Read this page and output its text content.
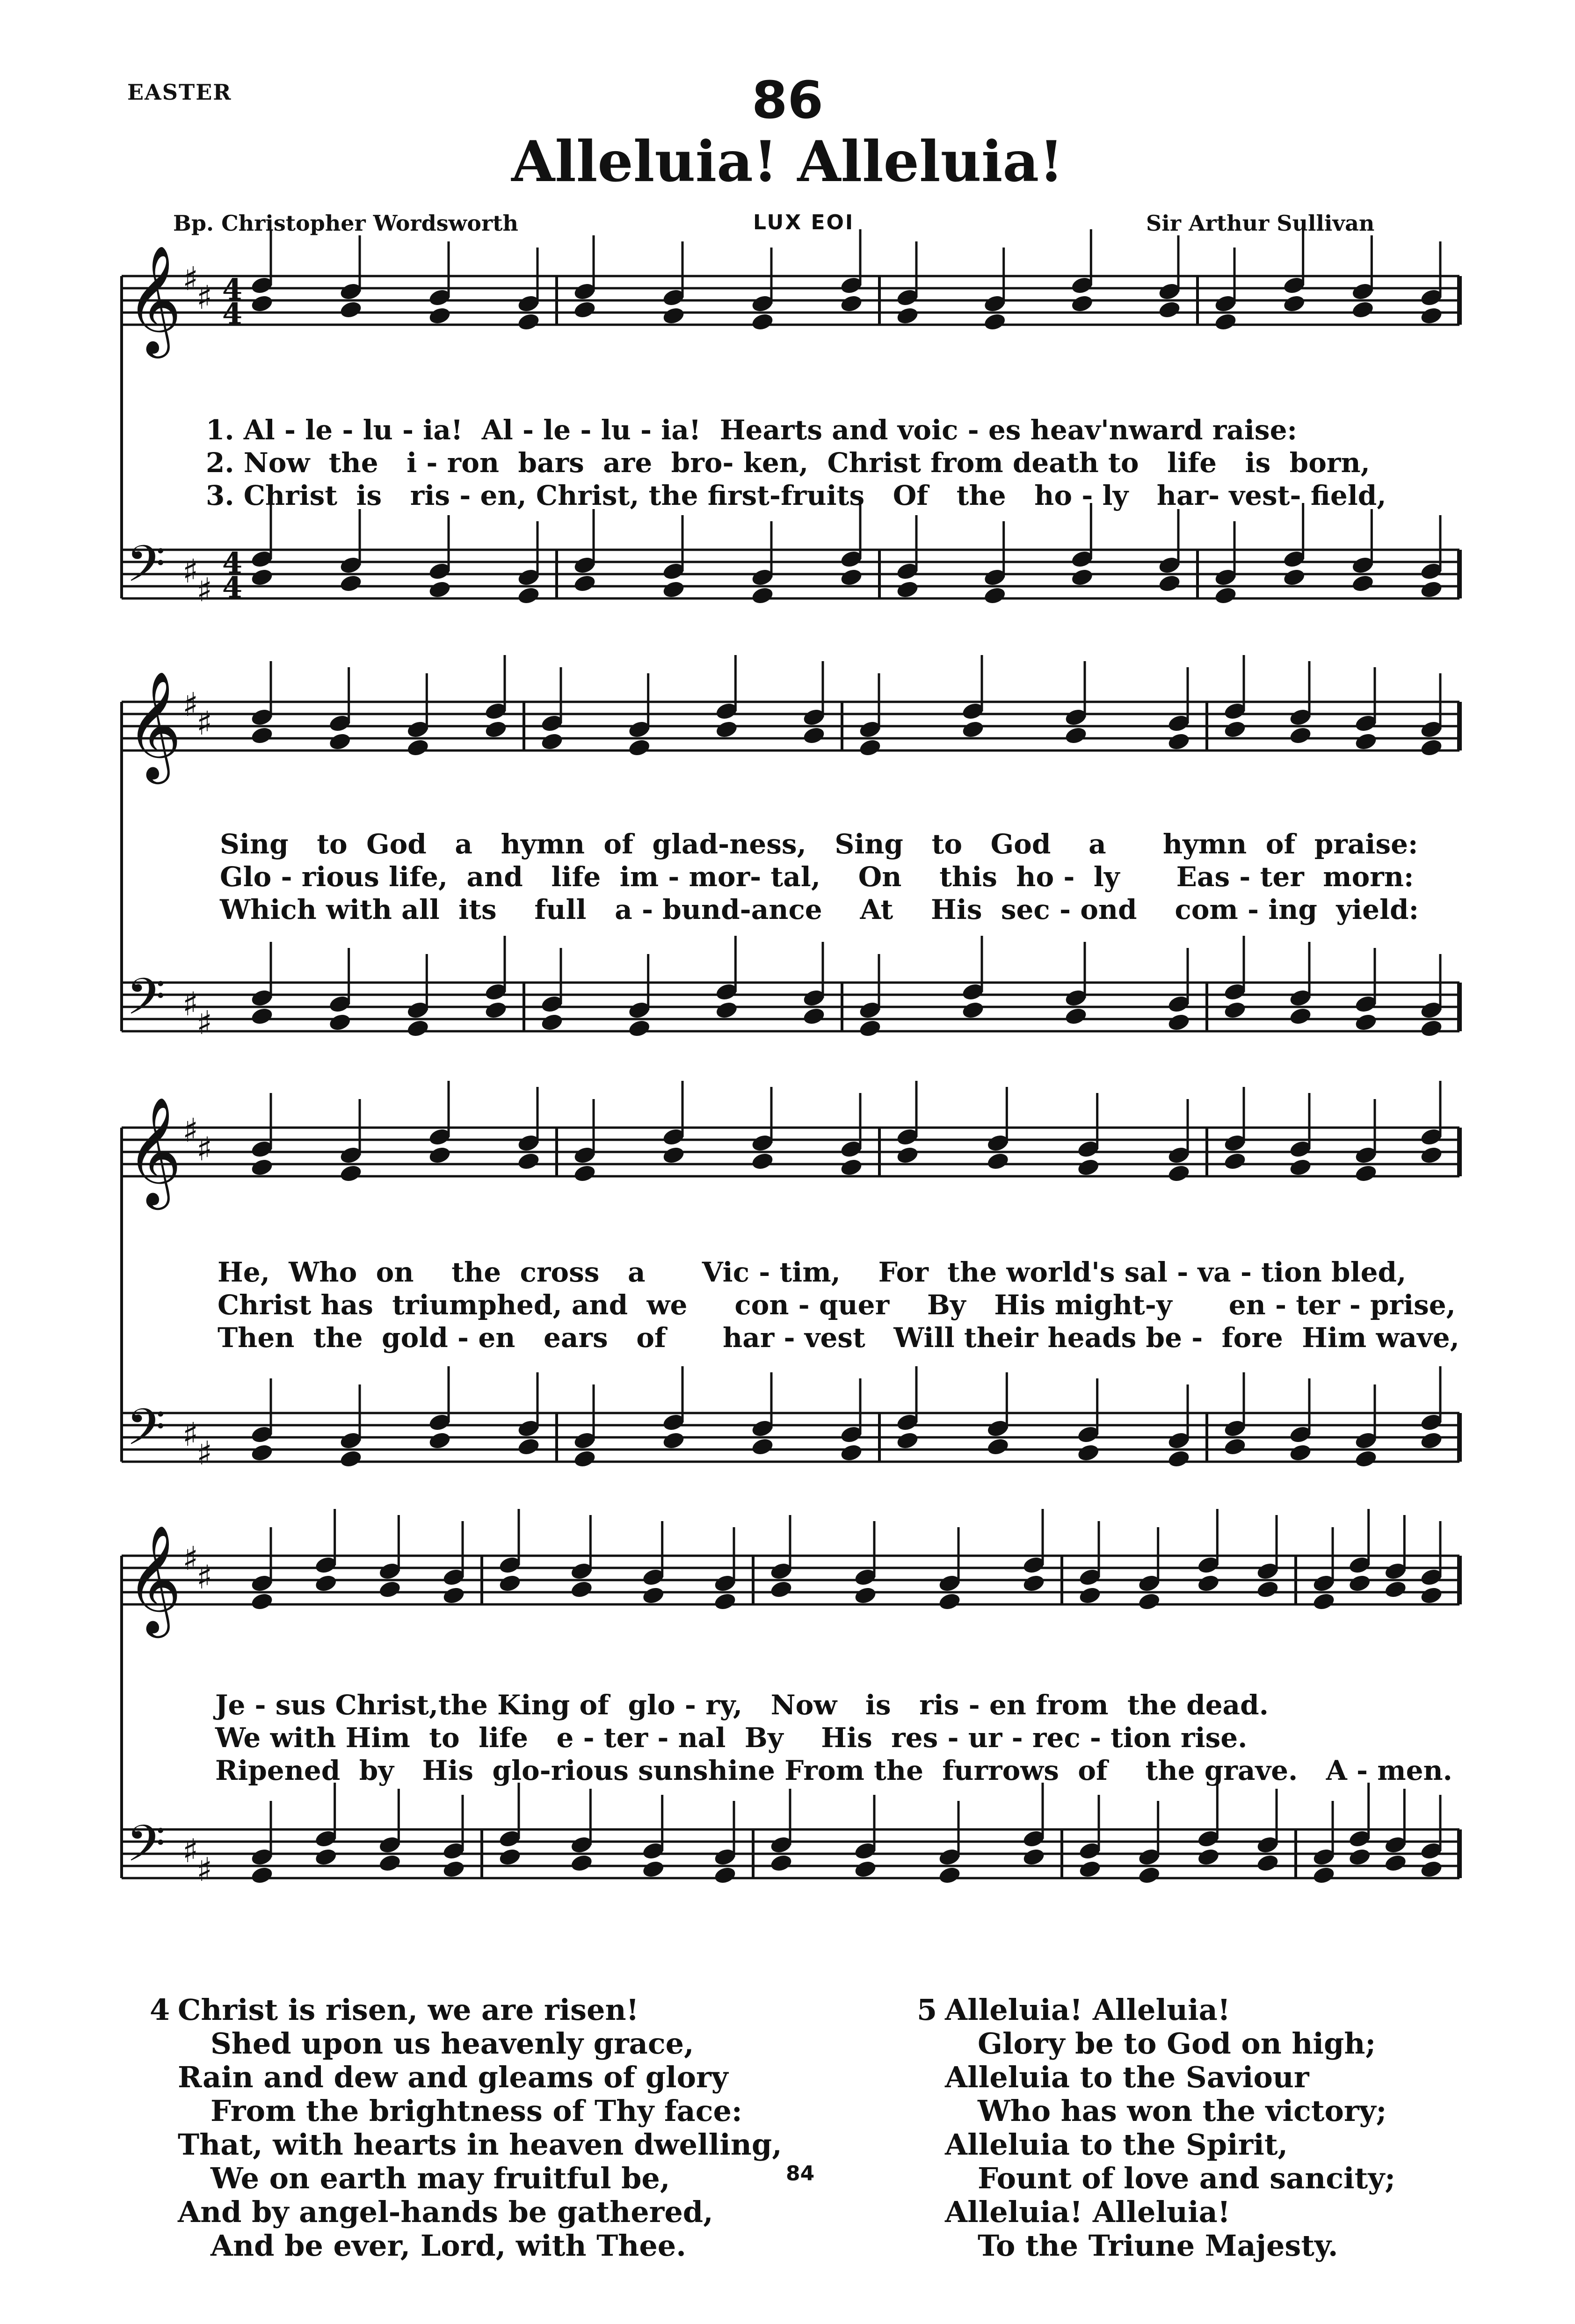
EASTER	86
Alleluia! Alleluia!
Bp. Christopher Wordsworth	LUX EOI	Sir Arthur Sullivan
𝄞 ♯
♯ 4
4
𝄢 ♯
♯
4
4
𝄞 ♯
♯
𝄢 ♯
♯
𝄞 ♯
♯
𝄢 ♯
♯
𝄞 ♯
♯
𝄢 ♯
♯
1. Al - le - lu - ia!  Al - le - lu - ia!  Hearts and voic - es heav'nward raise:
2. Now  the   i - ron  bars  are  bro- ken,  Christ from death to   life   is  born,
3. Christ  is   ris - en, Christ, the first-fruits   Of   the   ho - ly   har- vest- field,
Sing   to  God   a   hymn  of  glad-ness,   Sing   to   God    a      hymn  of  praise:
Glo - rious life,  and   life  im - mor- tal,    On    this  ho -  ly      Eas - ter  morn:
Which with all  its    full   a - bund-ance    At    His  sec - ond    com - ing  yield:
He,  Who  on    the  cross   a      Vic - tim,    For  the world's sal - va - tion bled,
Christ has  triumphed, and  we     con - quer    By   His might-y      en - ter - prise,
Then  the  gold - en   ears   of      har - vest   Will their heads be -  fore  Him wave,
Je - sus Christ,the King of  glo - ry,   Now   is   ris - en from  the dead.
We with Him  to  life   e - ter - nal  By    His  res - ur - rec - tion rise.
Ripened  by   His  glo-rious sunshine From the  furrows  of    the grave.   A - men.
4 Christ is risen, we are risen!
Shed upon us heavenly grace,
Rain and dew and gleams of glory
From the brightness of Thy face:
That, with hearts in heaven dwelling,
We on earth may fruitful be,
And by angel-hands be gathered,
And be ever, Lord, with Thee.
5 Alleluia! Alleluia!
Glory be to God on high;
Alleluia to the Saviour
Who has won the victory;
Alleluia to the Spirit,
Fount of love and sancity;
Alleluia! Alleluia!
To the Triune Majesty.
84
